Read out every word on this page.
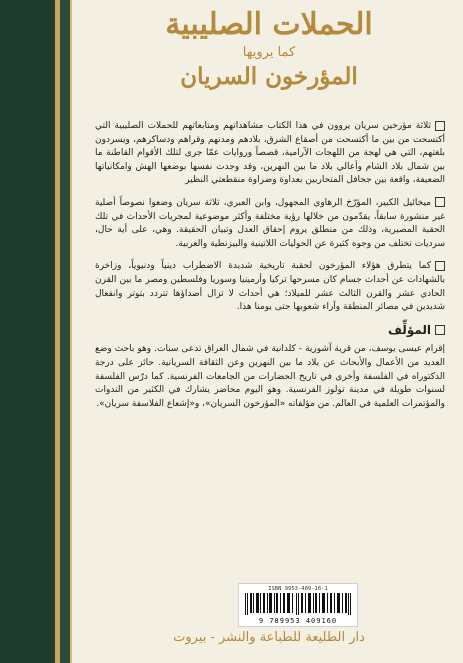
الحملات الصليبية
كما يرويها
المؤرخون السريان

ثلاثة مؤرخين سريان يروون في هذا الكتاب مشاهداتهم ومتابعاتهم للحملات الصليبية التي أكتسحت من بين ما أكتسحت من أصقاع الشرق، بلادهم ومدنهم وقراهم ودساكرهم، ويسردون بلغتهم، التي هي لهجة من اللهجات الآرامية، قصصاً وروايات عمّا جرى لتلك الأقوام القاطنة ما بين شمال بلاد الشام وأعالي بلاد ما بين النهرين، وقد وجدت نفسها بوضعها الهش وامكانياتها الضعيفة، واقعة بين جحافل المتحاربين بعداوة وضراوة منقطعتي النظير

ميخائيل الكبير، المؤرّخ الرهاوي المجهول، وابن العبري، ثلاثة سريان وضعوا نصوصاً أصلية غير منشورة سابقاً، يقدّمون من خلالها رؤية مختلفة وأكثر موضوعية لمجريات الأحداث في تلك الحقبة المصيرية، وذلك من منطلق يروم إحقاق العدل وتبيان الحقيقة. وهي، على أية حال، سرديات تختلف من وجوه كثيرة عن الحوليات اللاتينية والبيزنطية والعربية.

كما يتطرق هؤلاء المؤرخون لحقبة تاريخية شديدة الاضطراب دينياً ودنيوياً، وزاخرة بالشهادات عن أحداث جسام كان مسرحها تركيا وأرمينيا وسوريا وفلسطين ومصر ما بين القرن الحادي عشر والقرن الثالث عشر للميلاد؛ هي أحداث لا تزال أصداؤها تتردد بتوتر وانفعال شديدين في مصائر المنطقة وآراء شعوبها حتى يومنا هذا.

المؤلِّف

إقرام عيسى يوسف، من قرية آشورية - كلدانية في شمال العراق تدعى سنات. وهو باحث وضع العديد من الأعمال والأبحاث عن بلاد ما بين النهرين وعن الثقافة السريانية. حائز على درجة الدكتوراه في الفلسفة وأخرى في تاريخ الحضارات من الجامعات الفرنسية. كما درّس الفلسفة لسنوات طويلة في مدينة تولوز الفرنسية. وهو اليوم محاضر يشارك في الكثير من الندوات والمؤتمرات العلمية في العالم. من مؤلفاته «المؤرخون السريان»، و«إشعاع الفلاسفة سريان».

ISBN 9953-409-16-1
9 789953 409160
دار الطليعة للطباعة والنشر - بيروت
